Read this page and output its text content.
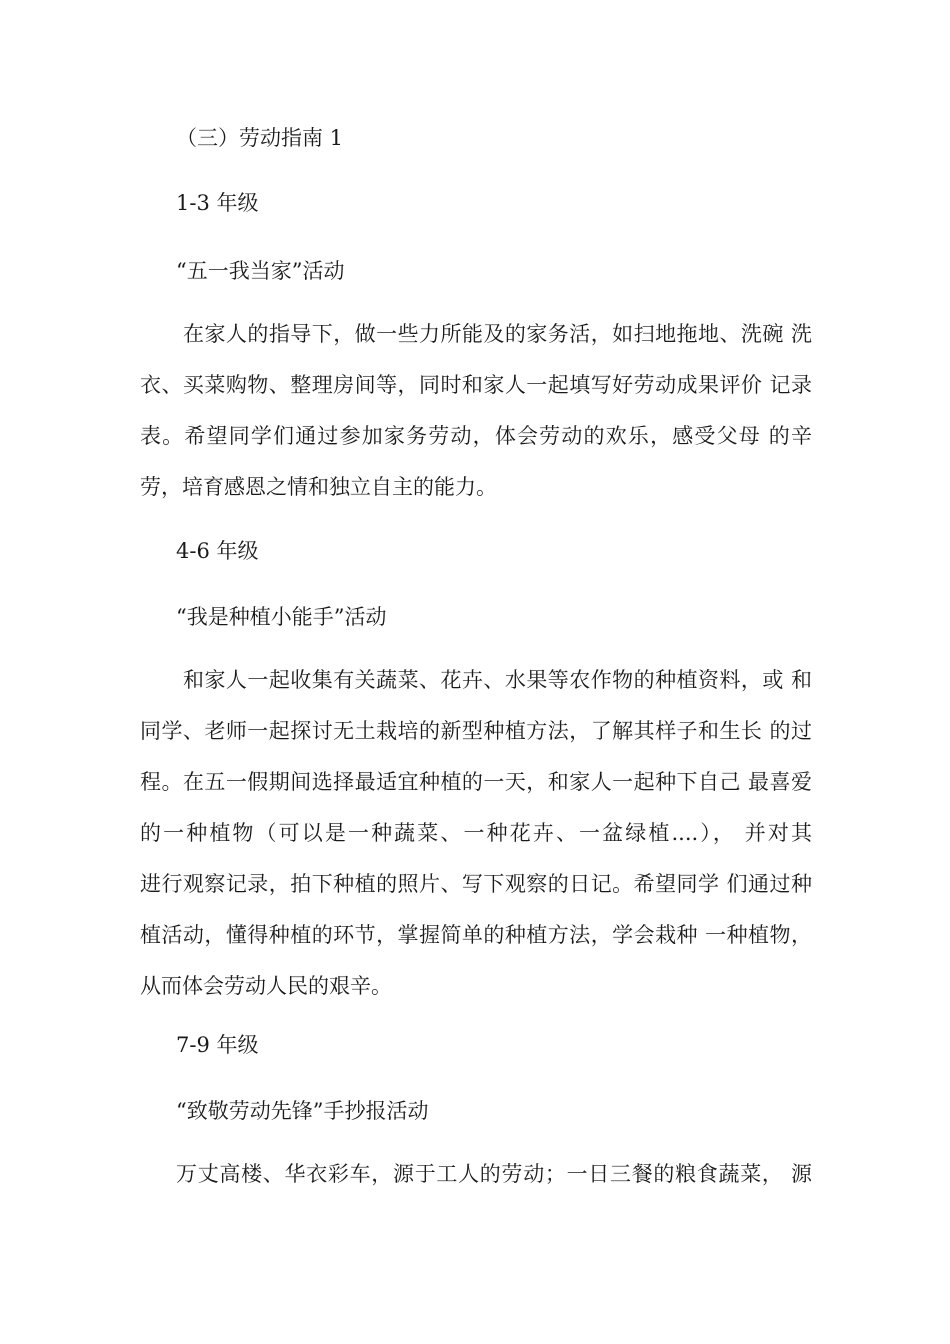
（三）劳动指南 1
1-3 年级
“五一我当家”活动
在家人的指导下，做一些力所能及的家务活，如扫地拖地、洗碗 洗
衣、买菜购物、整理房间等，同时和家人一起填写好劳动成果评价 记录
表。希望同学们通过参加家务劳动，体会劳动的欢乐，感受父母 的辛
劳，培育感恩之情和独立自主的能力。
4-6 年级
“我是种植小能手”活动
和家人一起收集有关蔬菜、花卉、水果等农作物的种植资料，或 和
同学、老师一起探讨无土栽培的新型种植方法，了解其样子和生长 的过
程。在五一假期间选择最适宜种植的一天，和家人一起种下自己 最喜爱
的一种植物（可以是一种蔬菜、一种花卉、一盆绿植....）， 并对其
进行观察记录，拍下种植的照片、写下观察的日记。希望同学 们通过种
植活动，懂得种植的环节，掌握简单的种植方法，学会栽种 一种植物，
从而体会劳动人民的艰辛。
7-9 年级
“致敬劳动先锋”手抄报活动
万丈高楼、华衣彩车，源于工人的劳动；一日三餐的粮食蔬菜， 源
